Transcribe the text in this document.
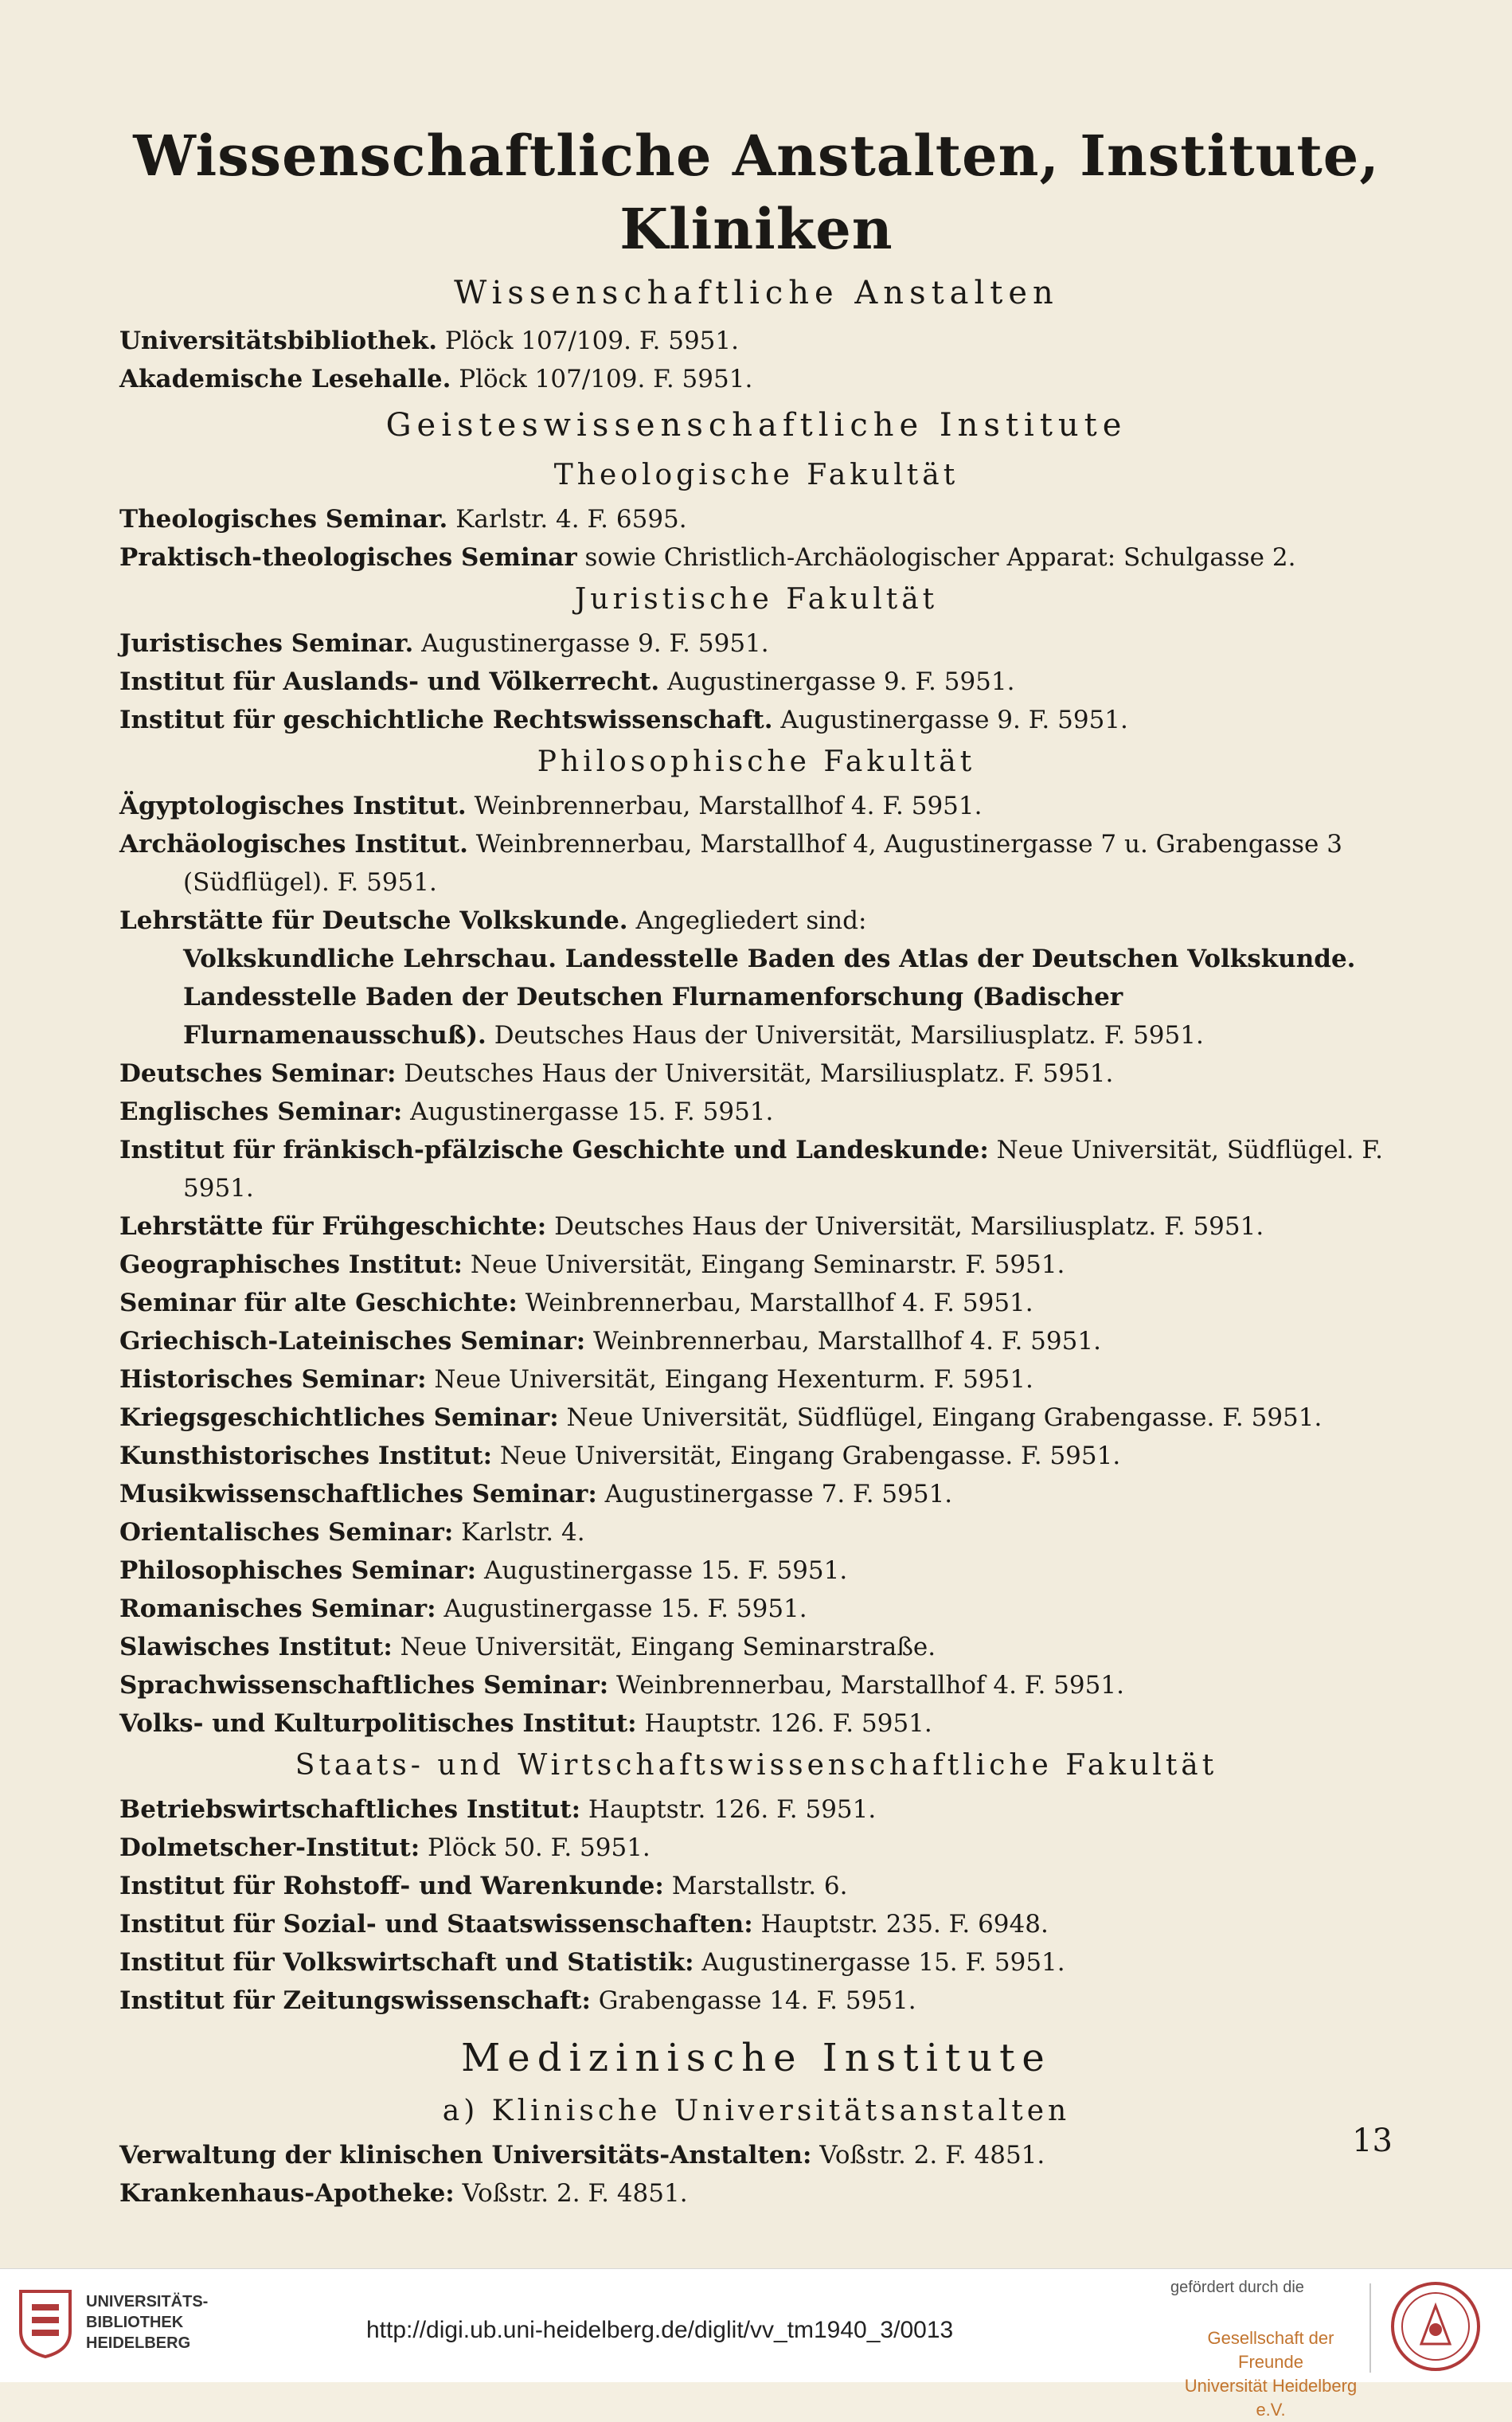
Wissenschaftliche Anstalten, Institute, Kliniken
Wissenschaftliche Anstalten

Universitätsbibliothek. Plöck 107/109. F. 5951.

Akademische Lesehalle. Plöck 107/109. F. 5951.

Geisteswissenschaftliche Institute
Theologische Fakultät

Theologisches Seminar. Karlstr. 4. F. 6595.

Praktisch-theologisches Seminar sowie Christlich-Archäologischer Apparat: Schulgasse 2.

Juristische Fakultät

Juristisches Seminar. Augustinergasse 9. F. 5951.

Institut für Auslands- und Völkerrecht. Augustinergasse 9. F. 5951.

Institut für geschichtliche Rechtswissenschaft. Augustinergasse 9. F. 5951.

Philosophische Fakultät

Ägyptologisches Institut. Weinbrennerbau, Marstallhof 4. F. 5951.

Archäologisches Institut. Weinbrennerbau, Marstallhof 4, Augustinergasse 7 u. Grabengasse 3 (Südflügel). F. 5951.

Lehrstätte für Deutsche Volkskunde. Angegliedert sind:

Volkskundliche Lehrschau. Landesstelle Baden des Atlas der Deutschen Volkskunde. Landesstelle Baden der Deutschen Flurnamenforschung (Badischer Flurnamenausschuß). Deutsches Haus der Universität, Marsiliusplatz. F. 5951.

Deutsches Seminar: Deutsches Haus der Universität, Marsiliusplatz. F. 5951.

Englisches Seminar: Augustinergasse 15. F. 5951.

Institut für fränkisch-pfälzische Geschichte und Landeskunde: Neue Universität, Südflügel. F. 5951.

Lehrstätte für Frühgeschichte: Deutsches Haus der Universität, Marsiliusplatz. F. 5951.

Geographisches Institut: Neue Universität, Eingang Seminarstr. F. 5951.

Seminar für alte Geschichte: Weinbrennerbau, Marstallhof 4. F. 5951.

Griechisch-Lateinisches Seminar: Weinbrennerbau, Marstallhof 4. F. 5951.

Historisches Seminar: Neue Universität, Eingang Hexenturm. F. 5951.

Kriegsgeschichtliches Seminar: Neue Universität, Südflügel, Eingang Grabengasse. F. 5951.

Kunsthistorisches Institut: Neue Universität, Eingang Grabengasse. F. 5951.

Musikwissenschaftliches Seminar: Augustinergasse 7. F. 5951.

Orientalisches Seminar: Karlstr. 4.

Philosophisches Seminar: Augustinergasse 15. F. 5951.

Romanisches Seminar: Augustinergasse 15. F. 5951.

Slawisches Institut: Neue Universität, Eingang Seminarstraße.

Sprachwissenschaftliches Seminar: Weinbrennerbau, Marstallhof 4. F. 5951.

Volks- und Kulturpolitisches Institut: Hauptstr. 126. F. 5951.

Staats- und Wirtschaftswissenschaftliche Fakultät

Betriebswirtschaftliches Institut: Hauptstr. 126. F. 5951.

Dolmetscher-Institut: Plöck 50. F. 5951.

Institut für Rohstoff- und Warenkunde: Marstallstr. 6.

Institut für Sozial- und Staatswissenschaften: Hauptstr. 235. F. 6948.

Institut für Volkswirtschaft und Statistik: Augustinergasse 15. F. 5951.

Institut für Zeitungswissenschaft: Grabengasse 14. F. 5951.

Medizinische Institute
a) Klinische Universitätsanstalten

Verwaltung der klinischen Universitäts-Anstalten: Voßstr. 2. F. 4851.

Krankenhaus-Apotheke: Voßstr. 2. F. 4851.

13
UNIVERSITÄTS-
BIBLIOTHEK
HEIDELBERG	http://digi.ub.uni-heidelberg.de/diglit/vv_tm1940_3/0013
gefördert durch die
Gesellschaft der Freunde
Universität Heidelberg e.V.
